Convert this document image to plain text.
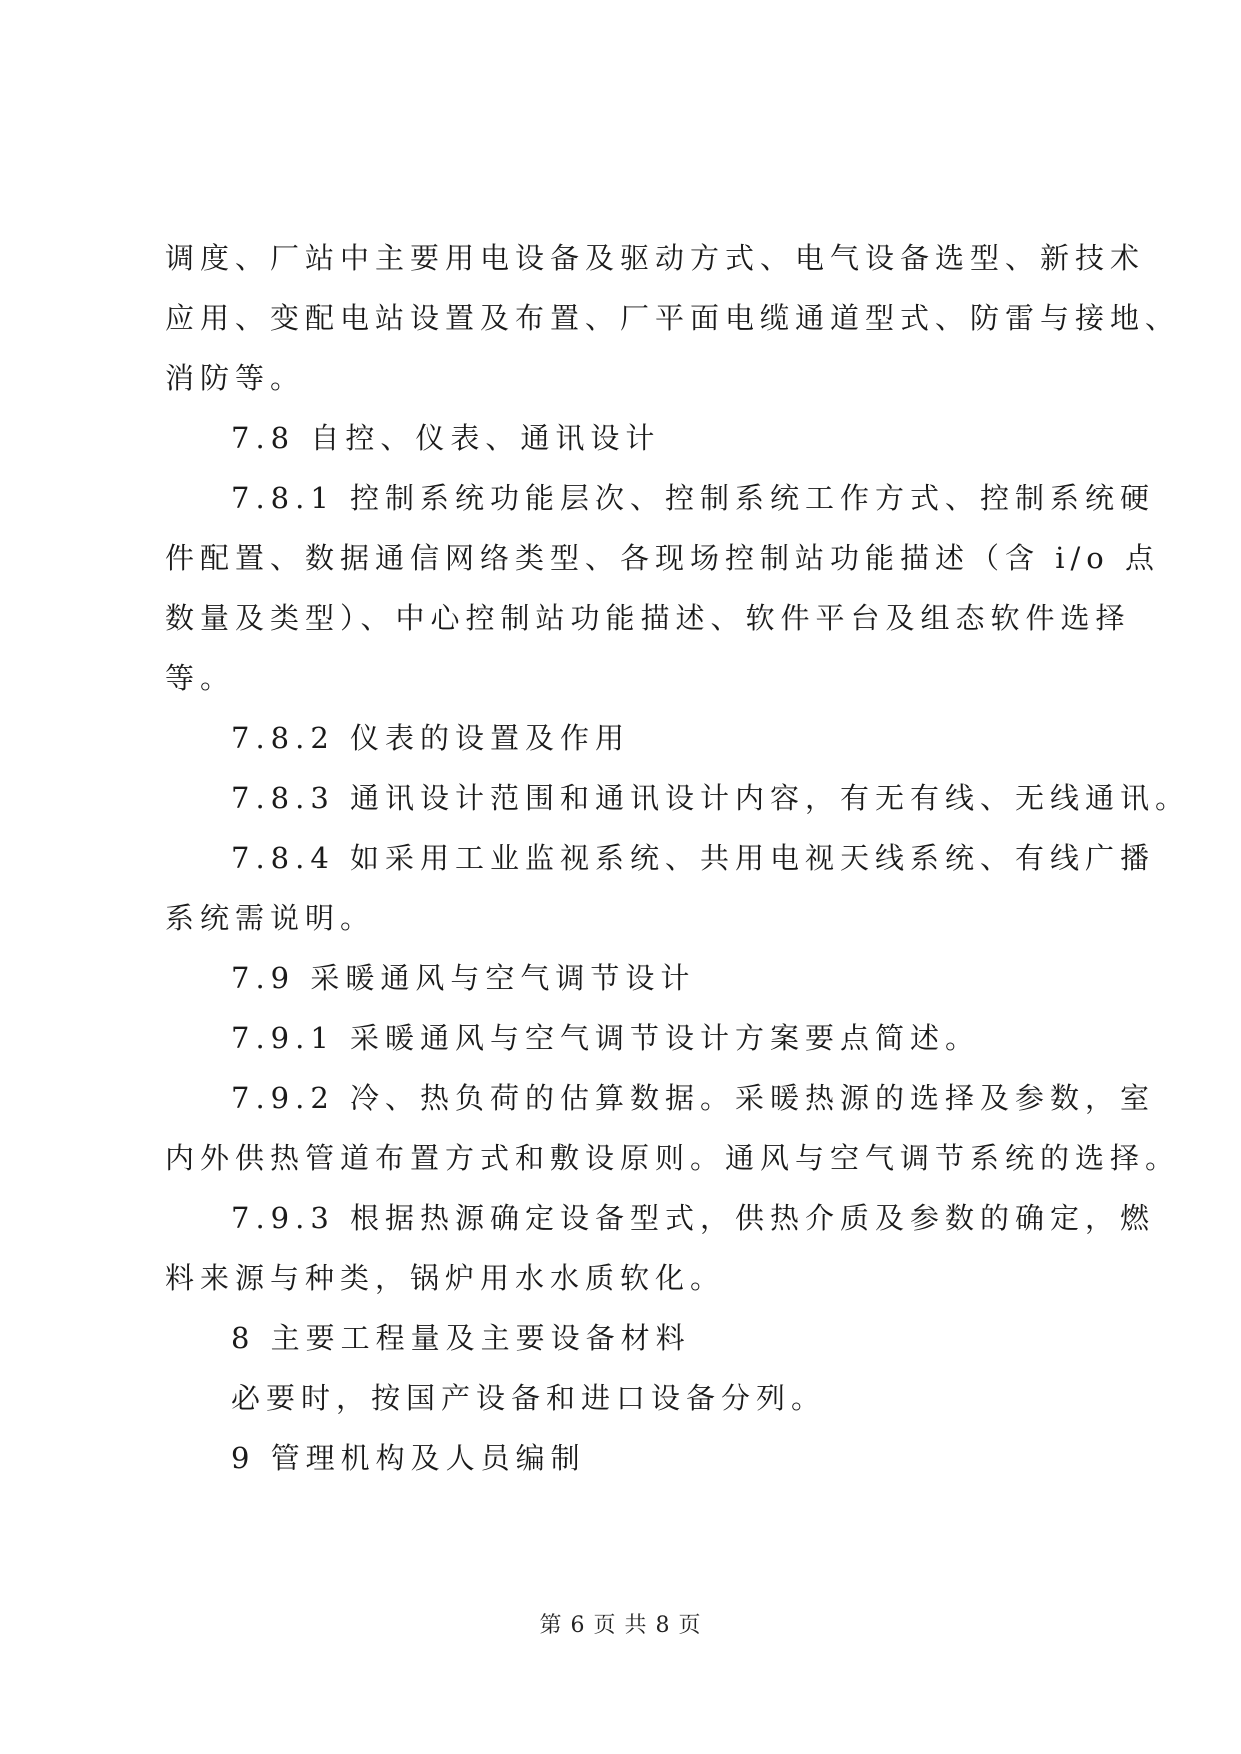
调度、厂站中主要用电设备及驱动方式、电气设备选型、新技术
应用、变配电站设置及布置、厂平面电缆通道型式、防雷与接地、
消防等。
7.8 自控、仪表、通讯设计
7.8.1 控制系统功能层次、控制系统工作方式、控制系统硬
件配置、数据通信网络类型、各现场控制站功能描述（含 i/o 点
数量及类型）、中心控制站功能描述、软件平台及组态软件选择
等。
7.8.2 仪表的设置及作用
7.8.3 通讯设计范围和通讯设计内容，有无有线、无线通讯。
7.8.4 如采用工业监视系统、共用电视天线系统、有线广播
系统需说明。
7.9 采暖通风与空气调节设计
7.9.1 采暖通风与空气调节设计方案要点简述。
7.9.2 冷、热负荷的估算数据。采暖热源的选择及参数，室
内外供热管道布置方式和敷设原则。通风与空气调节系统的选择。
7.9.3 根据热源确定设备型式，供热介质及参数的确定，燃
料来源与种类，锅炉用水水质软化。
8 主要工程量及主要设备材料
必要时，按国产设备和进口设备分列。
9 管理机构及人员编制
第 6 页 共 8 页
